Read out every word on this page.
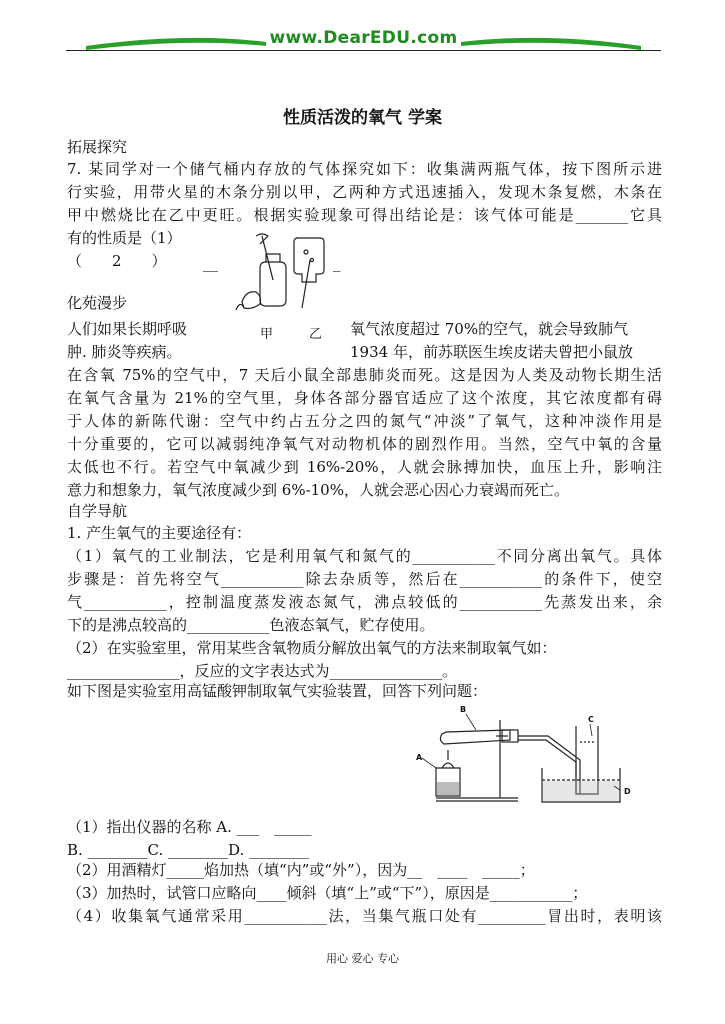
www.DearEDU.com
性质活泼的氧气 学案
拓展探究
7. 某同学对一个储气桶内存放的气体探究如下：收集满两瓶气体，按下图所示进
行实验，用带火星的木条分别以甲，乙两种方式迅速插入，发现木条复燃，木条在
甲中燃烧比在乙中更旺。根据实验现象可得出结论是：该气体可能是_______它具
有的性质是（1）
（　　2　　）	__	_
化苑漫步
人们如果长期呼吸	甲	乙 氧气浓度超过 70%的空气，就会导致肺气
肿. 肺炎等疾病。	1934 年，前苏联医生埃皮诺夫曾把小鼠放
在含氧 75%的空气中，7 天后小鼠全部患肺炎而死。这是因为人类及动物长期生活
在氧气含量为 21%的空气里，身体各部分器官适应了这个浓度，其它浓度都有碍
于人体的新陈代谢：空气中约占五分之四的氮气“冲淡”了氧气，这种冲淡作用是
十分重要的，它可以减弱纯净氧气对动物机体的剧烈作用。当然，空气中氧的含量
太低也不行。若空气中氧减少到 16%-20%，人就会脉搏加快，血压上升，影响注
意力和想象力，氧气浓度减少到 6%-10%，人就会恶心因心力衰竭而死亡。
自学导航
1. 产生氧气的主要途径有：
（1）氧气的工业制法，它是利用氧气和氮气的___________不同分离出氧气。具体
步骤是：首先将空气___________除去杂质等，然后在___________的条件下，使空
气___________，控制温度蒸发液态氮气，沸点较低的___________先蒸发出来，余
下的是沸点较高的___________色液态氧气，贮存使用。
（2）在实验室里，常用某些含氧物质分解放出氧气的方法来制取氧气如：
_______________，反应的文字表达式为_______________。
如下图是实验室用高锰酸钾制取氧气实验装置，回答下列问题：
A
B
C
D
（1）指出仪器的名称 A. ___　_____
B. ________C. ________D. ________
（2）用酒精灯_____焰加热（填“内”或“外”），因为__　____　_____；
（3）加热时，试管口应略向____倾斜（填“上”或“下”），原因是___________；
（4）收集氧气通常采用___________法，当集气瓶口处有_________冒出时，表明该
用心 爱心 专心
